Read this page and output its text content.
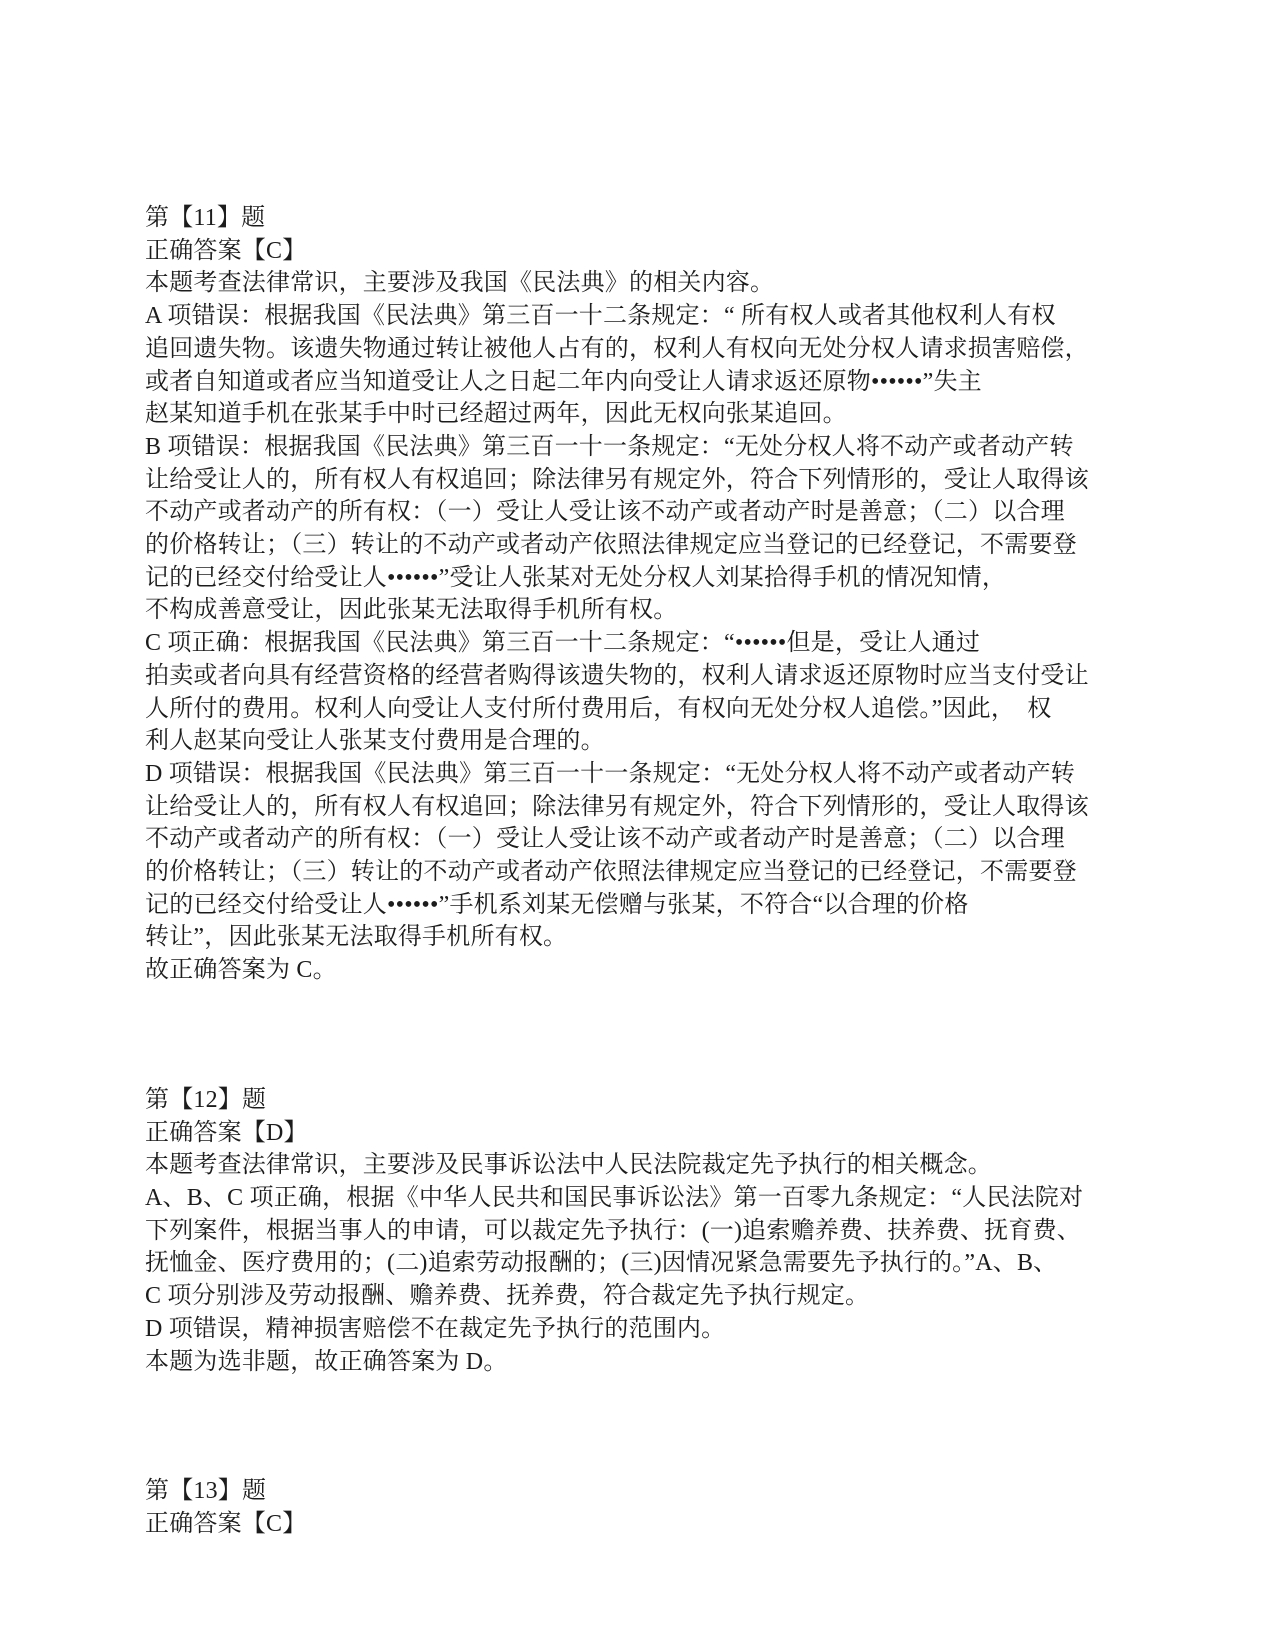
第【11】题
正确答案【C】
本题考查法律常识，主要涉及我国《民法典》的相关内容。
A 项错误：根据我国《民法典》第三百一十二条规定：“ 所有权人或者其他权利人有权
追回遗失物。该遗失物通过转让被他人占有的，权利人有权向无处分权人请求损害赔偿，
或者自知道或者应当知道受让人之日起二年内向受让人请求返还原物••••••”失主
赵某知道手机在张某手中时已经超过两年，因此无权向张某追回。
B 项错误：根据我国《民法典》第三百一十一条规定：“无处分权人将不动产或者动产转
让给受让人的，所有权人有权追回；除法律另有规定外，符合下列情形的，受让人取得该
不动产或者动产的所有权：（一）受让人受让该不动产或者动产时是善意；（二）以合理
的价格转让；（三）转让的不动产或者动产依照法律规定应当登记的已经登记，不需要登
记的已经交付给受让人••••••”受让人张某对无处分权人刘某拾得手机的情况知情，
不构成善意受让，因此张某无法取得手机所有权。
C 项正确：根据我国《民法典》第三百一十二条规定：“••••••但是，受让人通过
拍卖或者向具有经营资格的经营者购得该遗失物的，权利人请求返还原物时应当支付受让
人所付的费用。权利人向受让人支付所付费用后，有权向无处分权人追偿。”因此，　权
利人赵某向受让人张某支付费用是合理的。
D 项错误：根据我国《民法典》第三百一十一条规定：“无处分权人将不动产或者动产转
让给受让人的，所有权人有权追回；除法律另有规定外，符合下列情形的，受让人取得该
不动产或者动产的所有权：（一）受让人受让该不动产或者动产时是善意；（二）以合理
的价格转让；（三）转让的不动产或者动产依照法律规定应当登记的已经登记，不需要登
记的已经交付给受让人••••••”手机系刘某无偿赠与张某，不符合“以合理的价格
转让”，因此张某无法取得手机所有权。
故正确答案为 C。
第【12】题
正确答案【D】
本题考查法律常识，主要涉及民事诉讼法中人民法院裁定先予执行的相关概念。
A、B、C 项正确，根据《中华人民共和国民事诉讼法》第一百零九条规定：“人民法院对
下列案件，根据当事人的申请，可以裁定先予执行：(一)追索赡养费、扶养费、抚育费、
抚恤金、医疗费用的；(二)追索劳动报酬的；(三)因情况紧急需要先予执行的。”A、B、
C 项分别涉及劳动报酬、赡养费、抚养费，符合裁定先予执行规定。
D 项错误，精神损害赔偿不在裁定先予执行的范围内。
本题为选非题，故正确答案为 D。
第【13】题
正确答案【C】
